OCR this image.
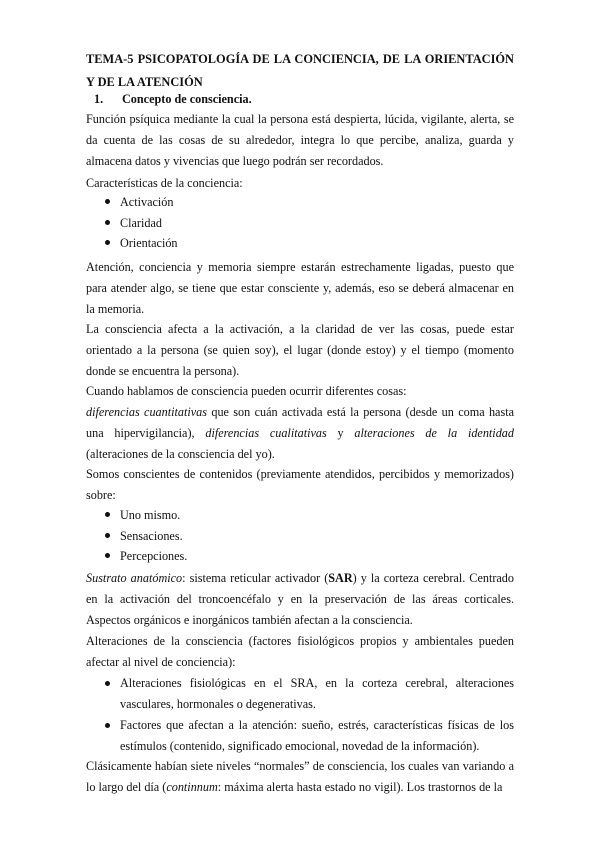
TEMA-5 PSICOPATOLOGÍA DE LA CONCIENCIA, DE LA ORIENTACIÓN Y DE LA ATENCIÓN
1. Concepto de consciencia.

Función psíquica mediante la cual la persona está despierta, lúcida, vigilante, alerta, se da cuenta de las cosas de su alrededor, integra lo que percibe, analiza, guarda y almacena datos y vivencias que luego podrán ser recordados.

Características de la conciencia:

Activación
Claridad
Orientación

Atención, conciencia y memoria siempre estarán estrechamente ligadas, puesto que para atender algo, se tiene que estar consciente y, además, eso se deberá almacenar en la memoria.

La consciencia afecta a la activación, a la claridad de ver las cosas, puede estar orientado a la persona (se quien soy), el lugar (donde estoy) y el tiempo (momento donde se encuentra la persona).

Cuando hablamos de consciencia pueden ocurrir diferentes cosas:

diferencias cuantitativas que son cuán activada está la persona (desde un coma hasta una hipervigilancia), diferencias cualitativas y alteraciones de la identidad (alteraciones de la consciencia del yo).

Somos conscientes de contenidos (previamente atendidos, percibidos y memorizados) sobre:

Uno mismo.
Sensaciones.
Percepciones.

Sustrato anatómico: sistema reticular activador (SAR) y la corteza cerebral. Centrado en la activación del troncoencéfalo y en la preservación de las áreas corticales. Aspectos orgánicos e inorgánicos también afectan a la consciencia.

Alteraciones de la consciencia (factores fisiológicos propios y ambientales pueden afectar al nivel de conciencia):

Alteraciones fisiológicas en el SRA, en la corteza cerebral, alteraciones vasculares, hormonales o degenerativas.
Factores que afectan a la atención: sueño, estrés, características físicas de los estímulos (contenido, significado emocional, novedad de la información).

Clásicamente habían siete niveles “normales” de consciencia, los cuales van variando a lo largo del día (continnum: máxima alerta hasta estado no vigil). Los trastornos de la
